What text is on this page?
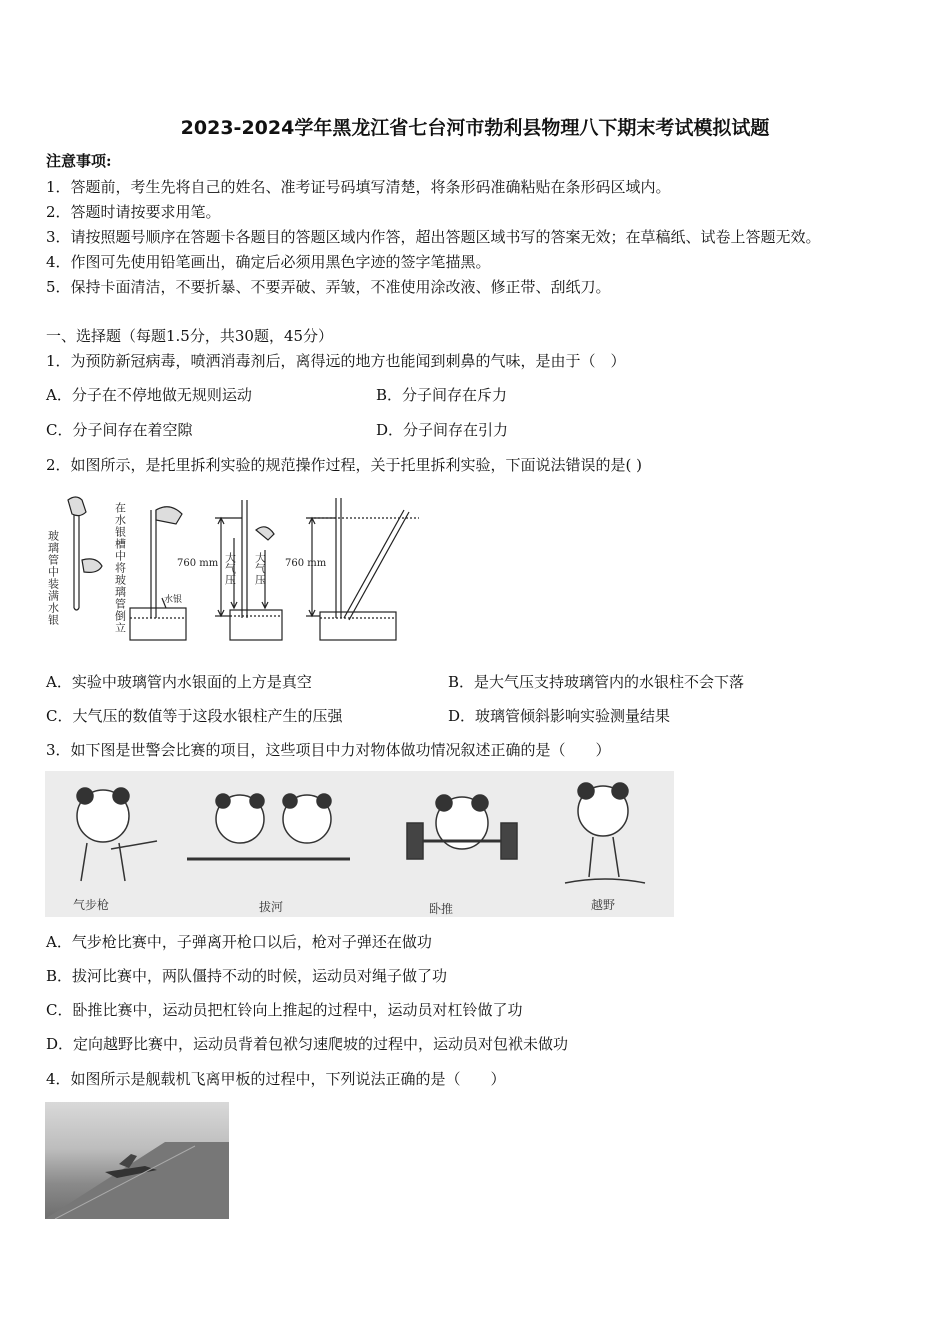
2023-2024学年黑龙江省七台河市勃利县物理八下期末考试模拟试题
注意事项:
1．答题前，考生先将自己的姓名、准考证号码填写清楚，将条形码准确粘贴在条形码区域内。
2．答题时请按要求用笔。
3．请按照题号顺序在答题卡各题目的答题区域内作答，超出答题区域书写的答案无效；在草稿纸、试卷上答题无效。
4．作图可先使用铅笔画出，确定后必须用黑色字迹的签字笔描黑。
5．保持卡面清洁，不要折暴、不要弄破、弄皱，不准使用涂改液、修正带、刮纸刀。
一、选择题（每题1.5分，共30题，45分）
1．为预防新冠病毒，喷洒消毒剂后，离得远的地方也能闻到刺鼻的气味，是由于（　）
A．分子在不停地做无规则运动	B．分子间存在斥力
C．分子间存在着空隙	D．分子间存在引力
2．如图所示，是托里拆利实验的规范操作过程，关于托里拆利实验，下面说法错误的是( )
玻璃管中装满水银	在水银槽中将玻璃管倒立	水银
760 mm 大气压 大气压 760 mm
A．实验中玻璃管内水银面的上方是真空	B．是大气压支持玻璃管内的水银柱不会下落
C．大气压的数值等于这段水银柱产生的压强	D．玻璃管倾斜影响实验测量结果
3．如下图是世警会比赛的项目，这些项目中力对物体做功情况叙述正确的是（　　）
气步枪	拔河	卧推	越野
A．气步枪比赛中，子弹离开枪口以后，枪对子弹还在做功
B．拔河比赛中，两队僵持不动的时候，运动员对绳子做了功
C．卧推比赛中，运动员把杠铃向上推起的过程中，运动员对杠铃做了功
D．定向越野比赛中，运动员背着包袱匀速爬坡的过程中，运动员对包袱未做功
4．如图所示是舰载机飞离甲板的过程中，下列说法正确的是（　　）
